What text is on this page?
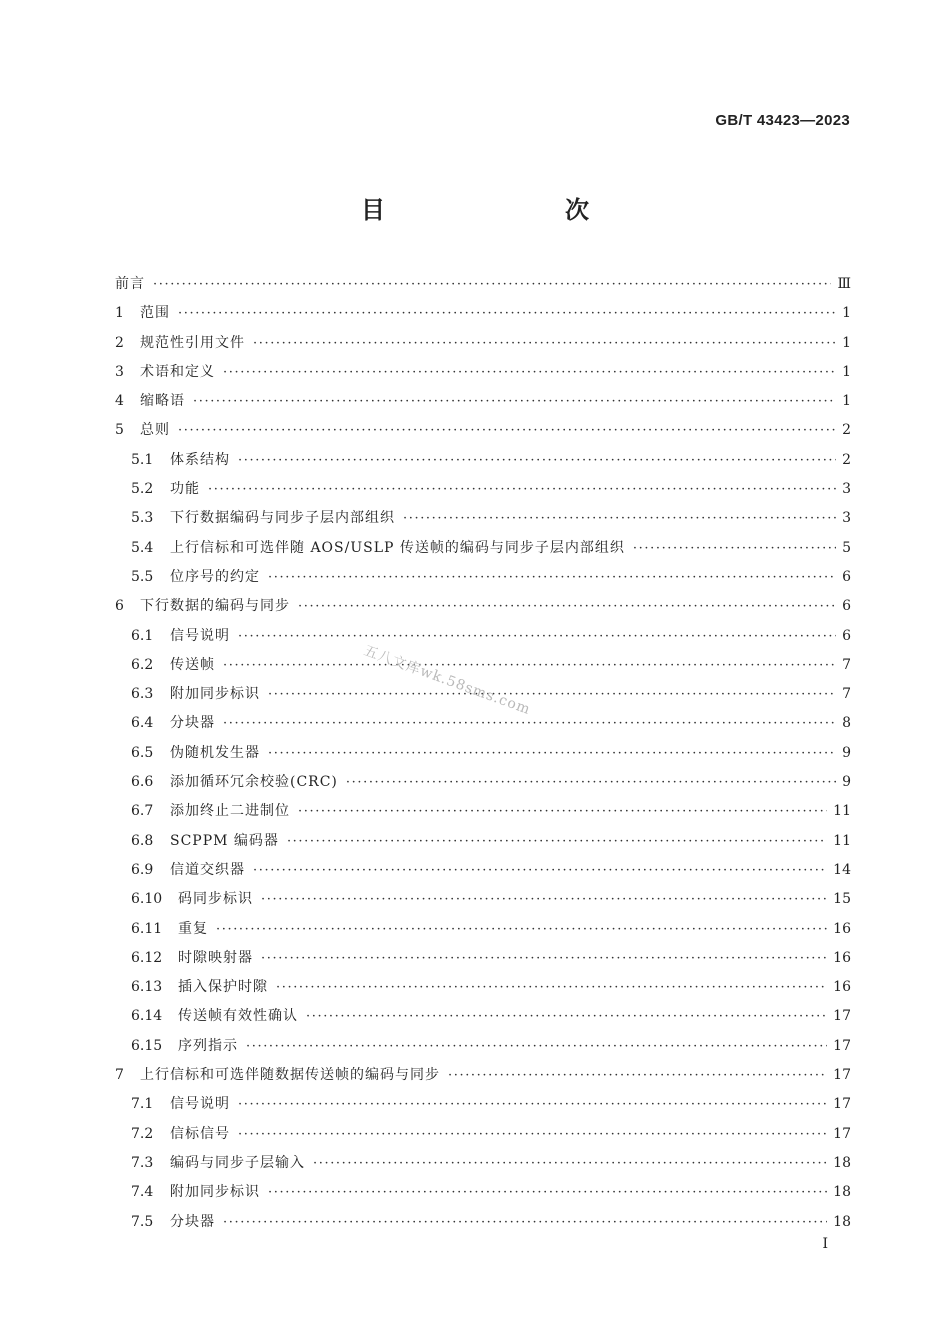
GB/T 43423—2023
目　　次
前言 ·····	Ⅲ
1	范围 ·····	1
2	规范性引用文件 ·····	1
3	术语和定义 ·····	1
4	缩略语 ·····	1
5	总则 ·····	2
5.1	体系结构 ·····	2
5.2	功能 ·····	3
5.3	下行数据编码与同步子层内部组织 ·····	3
5.4	上行信标和可选伴随 AOS/USLP 传送帧的编码与同步子层内部组织 ·····	5
5.5	位序号的约定 ·····	6
6	下行数据的编码与同步 ·····	6
6.1	信号说明 ·····	6
6.2	传送帧 ·····	7
6.3	附加同步标识 ·····	7
6.4	分块器 ·····	8
6.5	伪随机发生器 ·····	9
6.6	添加循环冗余校验(CRC) ·····	9
6.7	添加终止二进制位 ·····	11
6.8	SCPPM 编码器 ·····	11
6.9	信道交织器 ·····	14
6.10	码同步标识 ·····	15
6.11	重复 ·····	16
6.12	时隙映射器 ·····	16
6.13	插入保护时隙 ·····	16
6.14	传送帧有效性确认 ·····	17
6.15	序列指示 ·····	17
7	上行信标和可选伴随数据传送帧的编码与同步 ·····	17
7.1	信号说明 ·····	17
7.2	信标信号 ·····	17
7.3	编码与同步子层输入 ·····	18
7.4	附加同步标识 ·····	18
7.5	分块器 ·····	18
五八文库wk.58sms.com
I
